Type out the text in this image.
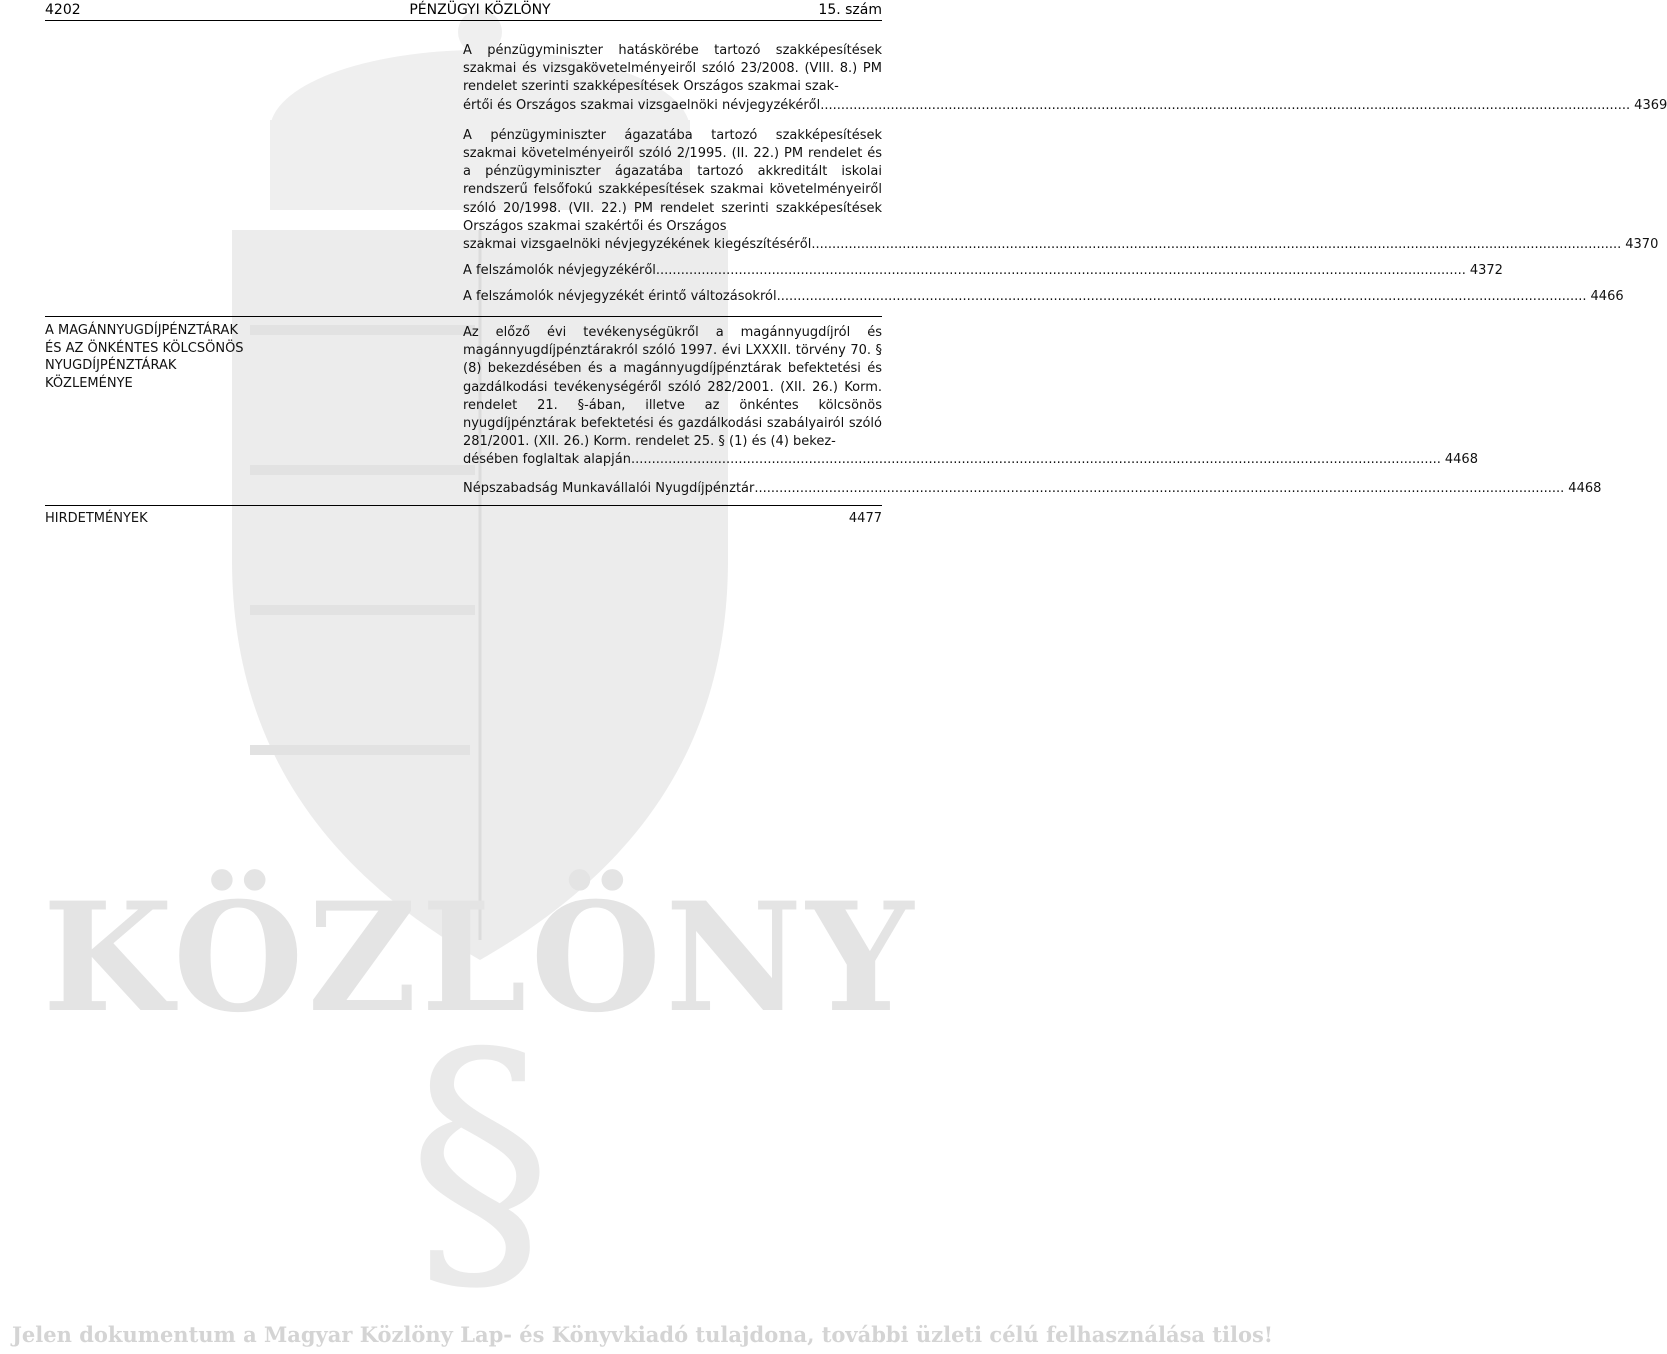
KÖZLÖNY
§
4202	PÉNZÜGYI KÖZLÖNY	15. szám
A pénzügyminiszter hatáskörébe tartozó szakképesítések szakmai és vizsgakövetelményeiről szóló 23/2008. (VIII. 8.) PM rendelet szerinti szakképesítések Országos szakmai szak-
értői és Országos szakmai vizsgaelnöki névjegyzékéről .....	4369
A pénzügyminiszter ágazatába tartozó szakképesítések szakmai követelményeiről szóló 2/1995. (II. 22.) PM rendelet és a pénzügyminiszter ágazatába tartozó akkreditált iskolai rendszerű felsőfokú szakképesítések szakmai követelményeiről szóló 20/1998. (VII. 22.) PM rendelet szerinti szakképesítések Országos szakmai szakértői és Országos
szakmai vizsgaelnöki névjegyzékének kiegészítéséről .....	4370
A felszámolók névjegyzékéről .....	4372
A felszámolók névjegyzékét érintő változásokról .....	4466
A MAGÁNNYUGDÍJPÉNZTÁRAK
ÉS AZ ÖNKÉNTES KÖLCSÖNÖS
NYUGDÍJPÉNZTÁRAK
KÖZLEMÉNYE
Az előző évi tevékenységükről a magánnyugdíjról és magánnyugdíjpénztárakról szóló 1997. évi LXXXII. törvény 70. § (8) bekezdésében és a magánnyugdíjpénztárak befektetési és gazdálkodási tevékenységéről szóló 282/2001. (XII. 26.) Korm. rendelet 21. §-ában, illetve az önkéntes kölcsönös nyugdíjpénztárak befektetési és gazdálkodási szabályairól szóló 281/2001. (XII. 26.) Korm. rendelet 25. § (1) és (4) bekez-
désében foglaltak alapján .....	4468
Népszabadság Munkavállalói Nyugdíjpénztár .....	4468
HIRDETMÉNYEK	4477
Jelen dokumentum a Magyar Közlöny Lap- és Könyvkiadó tulajdona, további üzleti célú felhasználása tilos!
